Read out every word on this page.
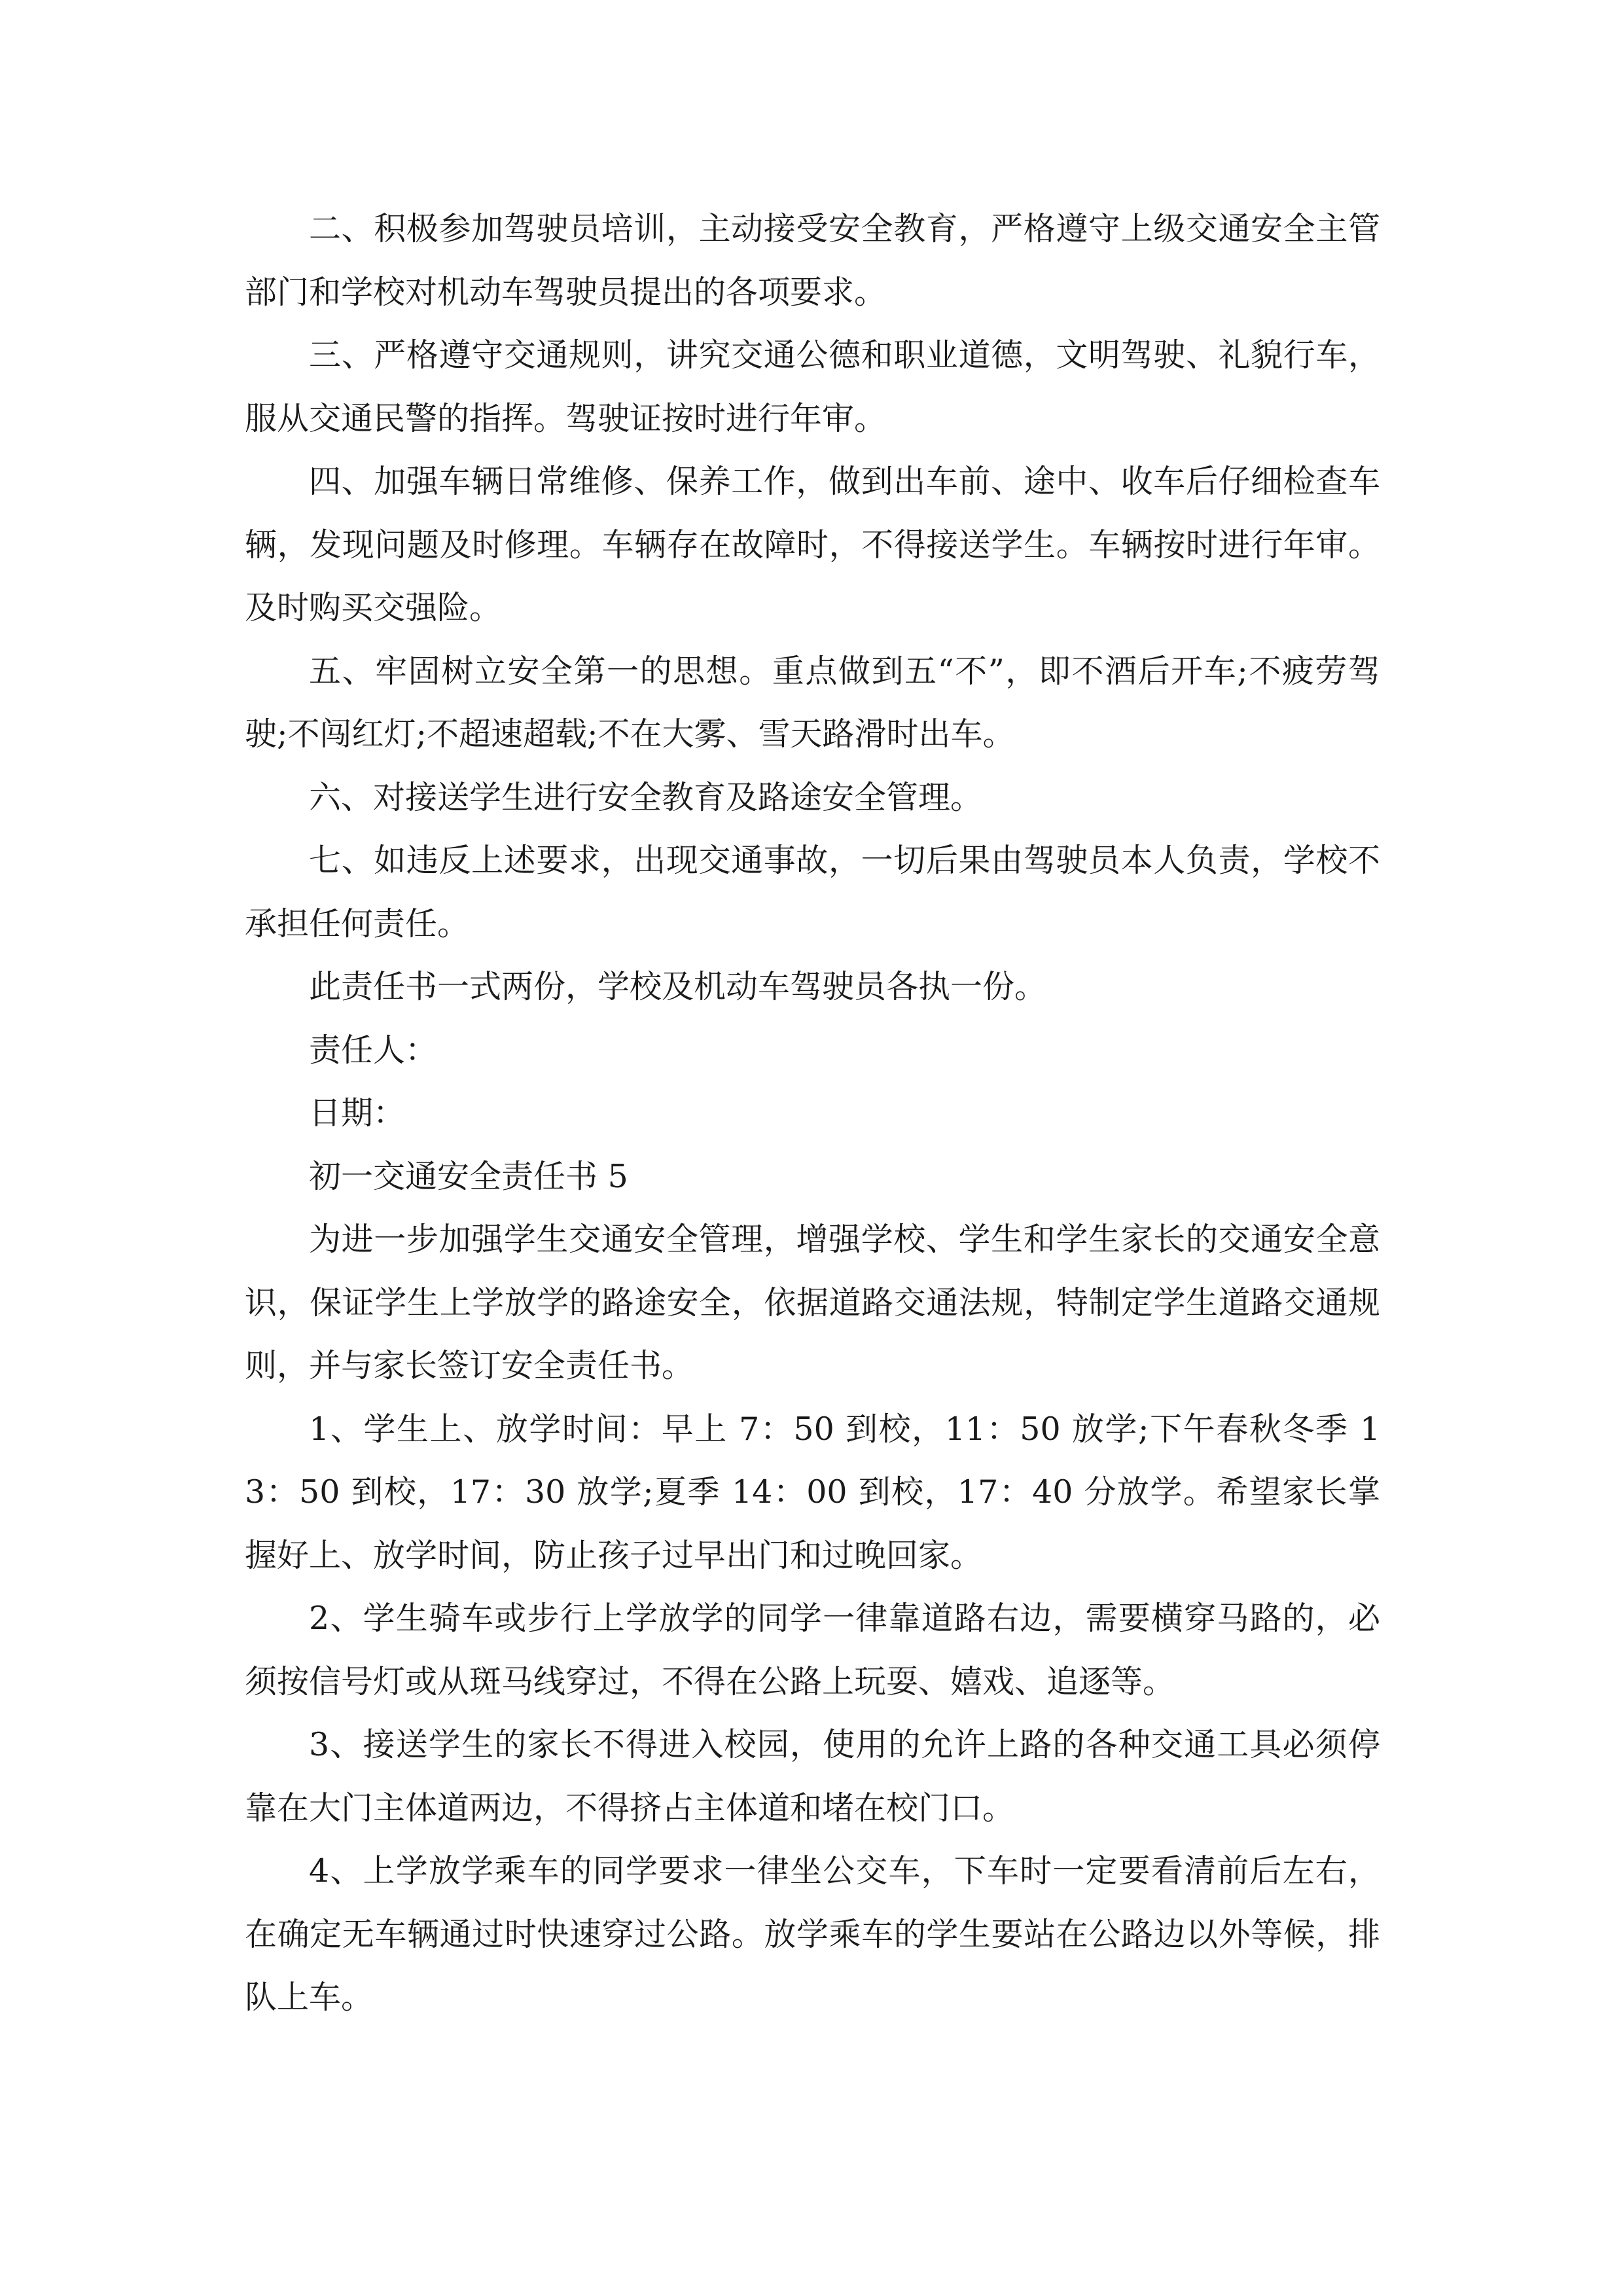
二、积极参加驾驶员培训，主动接受安全教育，严格遵守上级交通安全主管部门和学校对机动车驾驶员提出的各项要求。

三、严格遵守交通规则，讲究交通公德和职业道德，文明驾驶、礼貌行车，服从交通民警的指挥。驾驶证按时进行年审。

四、加强车辆日常维修、保养工作，做到出车前、途中、收车后仔细检查车辆，发现问题及时修理。车辆存在故障时，不得接送学生。车辆按时进行年审。及时购买交强险。

五、牢固树立安全第一的思想。重点做到五“不”，即不酒后开车;不疲劳驾驶;不闯红灯;不超速超载;不在大雾、雪天路滑时出车。

六、对接送学生进行安全教育及路途安全管理。

七、如违反上述要求，出现交通事故，一切后果由驾驶员本人负责，学校不承担任何责任。

此责任书一式两份，学校及机动车驾驶员各执一份。

责任人：

日期：

初一交通安全责任书 5

为进一步加强学生交通安全管理，增强学校、学生和学生家长的交通安全意识，保证学生上学放学的路途安全，依据道路交通法规，特制定学生道路交通规则，并与家长签订安全责任书。

1、学生上、放学时间：早上 7：50 到校，11：50 放学;下午春秋冬季 13：50 到校，17：30 放学;夏季 14：00 到校，17：40 分放学。希望家长掌握好上、放学时间，防止孩子过早出门和过晚回家。

2、学生骑车或步行上学放学的同学一律靠道路右边，需要横穿马路的，必须按信号灯或从斑马线穿过，不得在公路上玩耍、嬉戏、追逐等。

3、接送学生的家长不得进入校园，使用的允许上路的各种交通工具必须停靠在大门主体道两边，不得挤占主体道和堵在校门口。

4、上学放学乘车的同学要求一律坐公交车，下车时一定要看清前后左右，在确定无车辆通过时快速穿过公路。放学乘车的学生要站在公路边以外等候，排队上车。
